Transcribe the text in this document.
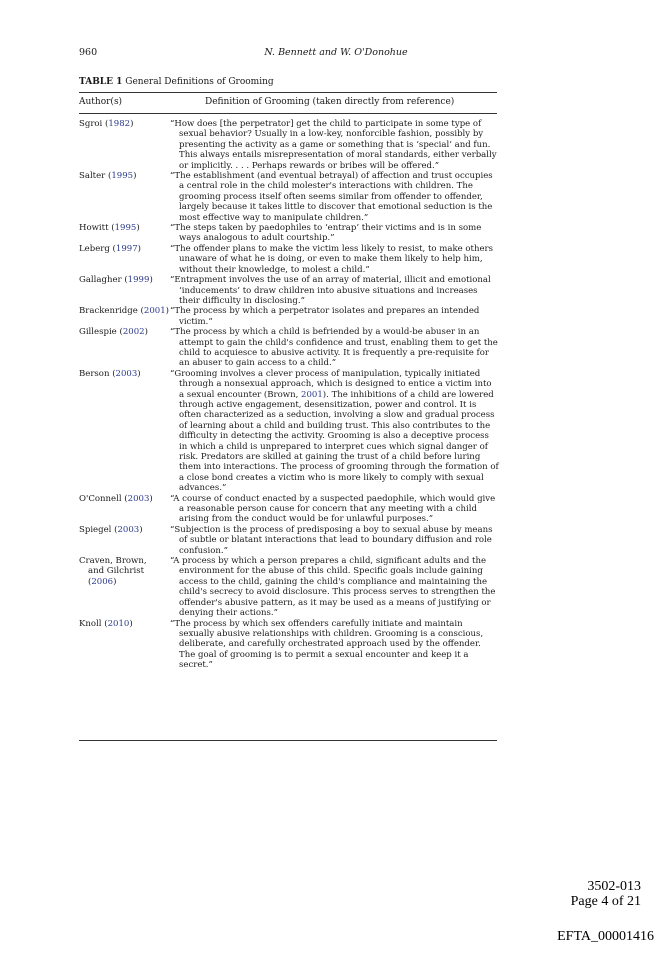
960	N. Bennett and W. O'Donohue
TABLE 1 General Definitions of Grooming
Author(s)	Definition of Grooming (taken directly from reference)
Sgroi (1982)	“How does [the perpetrator] get the child to participate in some type of sexual behavior? Usually in a low-key, nonforcible fashion, possibly by presenting the activity as a game or something that is ‘special’ and fun. This always entails misrepresentation of moral standards, either verbally or implicitly. . . . Perhaps rewards or bribes will be offered.”
Salter (1995)	“The establishment (and eventual betrayal) of affection and trust occupies a central role in the child molester's interactions with children. The grooming process itself often seems similar from offender to offender, largely because it takes little to discover that emotional seduction is the most effective way to manipulate children.”
Howitt (1995)	“The steps taken by paedophiles to ‘entrap’ their victims and is in some ways analogous to adult courtship.”
Leberg (1997)	“The offender plans to make the victim less likely to resist, to make others unaware of what he is doing, or even to make them likely to help him, without their knowledge, to molest a child.”
Gallagher (1999)	“Entrapment involves the use of an array of material, illicit and emotional ‘inducements’ to draw children into abusive situations and increases their difficulty in disclosing.”
Brackenridge (2001) “The process by which a perpetrator isolates and prepares an intended victim.”
Gillespie (2002)	“The process by which a child is befriended by a would-be abuser in an attempt to gain the child's confidence and trust, enabling them to get the child to acquiesce to abusive activity. It is frequently a pre-requisite for an abuser to gain access to a child.”
Berson (2003)	“Grooming involves a clever process of manipulation, typically initiated through a nonsexual approach, which is designed to entice a victim into a sexual encounter (Brown, 2001). The inhibitions of a child are lowered through active engagement, desensitization, power and control. It is often characterized as a seduction, involving a slow and gradual process of learning about a child and building trust. This also contributes to the difficulty in detecting the activity. Grooming is also a deceptive process in which a child is unprepared to interpret cues which signal danger of risk. Predators are skilled at gaining the trust of a child before luring them into interactions. The process of grooming through the formation of a close bond creates a victim who is more likely to comply with sexual advances.”
O'Connell (2003)	“A course of conduct enacted by a suspected paedophile, which would give a reasonable person cause for concern that any meeting with a child arising from the conduct would be for unlawful purposes.”
Spiegel (2003)	“Subjection is the process of predisposing a boy to sexual abuse by means of subtle or blatant interactions that lead to boundary diffusion and role confusion.”
Craven, Brown,
and Gilchrist
(2006)
“A process by which a person prepares a child, significant adults and the environment for the abuse of this child. Specific goals include gaining access to the child, gaining the child's compliance and maintaining the child's secrecy to avoid disclosure. This process serves to strengthen the offender's abusive pattern, as it may be used as a means of justifying or denying their actions.”
Knoll (2010)	“The process by which sex offenders carefully initiate and maintain sexually abusive relationships with children. Grooming is a conscious, deliberate, and carefully orchestrated approach used by the offender. The goal of grooming is to permit a sexual encounter and keep it a secret.”
3502-013
Page 4 of 21
EFTA_00001416
